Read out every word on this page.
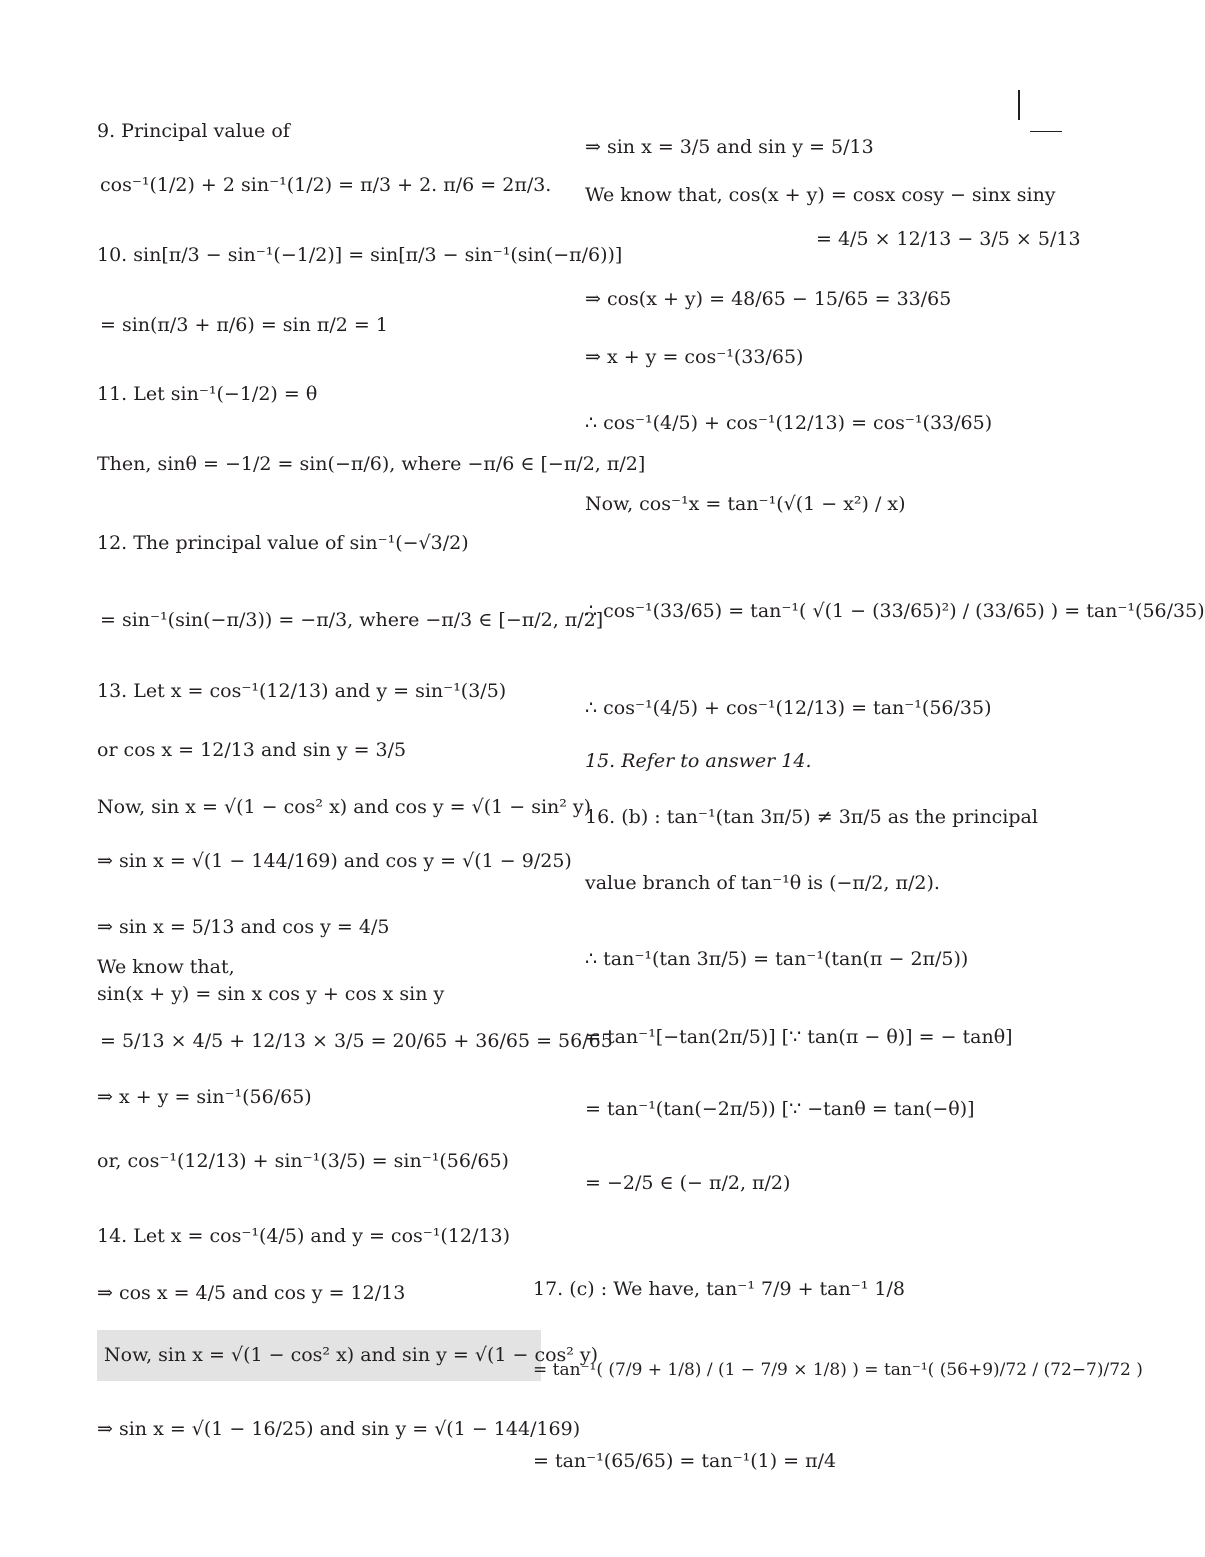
9. Principal value of
cos⁻¹(1/2) + 2 sin⁻¹(1/2) = π/3 + 2. π/6 = 2π/3.
10. sin[π/3 − sin⁻¹(−1/2)] = sin[π/3 − sin⁻¹(sin(−π/6))]
= sin(π/3 + π/6) = sin π/2 = 1
11. Let sin⁻¹(−1/2) = θ
Then, sinθ = −1/2 = sin(−π/6), where −π/6 ∈ [−π/2, π/2]
12. The principal value of sin⁻¹(−√3/2)
= sin⁻¹(sin(−π/3)) = −π/3, where −π/3 ∈ [−π/2, π/2]
13. Let x = cos⁻¹(12/13) and y = sin⁻¹(3/5)
or cos x = 12/13 and sin y = 3/5
Now, sin x = √(1 − cos² x) and cos y = √(1 − sin² y)
⇒ sin x = √(1 − 144/169) and cos y = √(1 − 9/25)
⇒ sin x = 5/13 and cos y = 4/5
We know that,
sin(x + y) = sin x cos y + cos x sin y
= 5/13 × 4/5 + 12/13 × 3/5 = 20/65 + 36/65 = 56/65
⇒ x + y = sin⁻¹(56/65)
or, cos⁻¹(12/13) + sin⁻¹(3/5) = sin⁻¹(56/65)
14. Let x = cos⁻¹(4/5) and y = cos⁻¹(12/13)
⇒ cos x = 4/5 and cos y = 12/13
Now, sin x = √(1 − cos² x) and sin y = √(1 − cos² y)
⇒ sin x = √(1 − 16/25) and sin y = √(1 − 144/169)
⇒ sin x = 3/5 and sin y = 5/13
We know that, cos(x + y) = cosx cosy − sinx siny
= 4/5 × 12/13 − 3/5 × 5/13
⇒ cos(x + y) = 48/65 − 15/65 = 33/65
⇒ x + y = cos⁻¹(33/65)
∴ cos⁻¹(4/5) + cos⁻¹(12/13) = cos⁻¹(33/65)
Now, cos⁻¹x = tan⁻¹(√(1 − x²) / x)
∴ cos⁻¹(33/65) = tan⁻¹( √(1 − (33/65)²) / (33/65) ) = tan⁻¹(56/35)
∴ cos⁻¹(4/5) + cos⁻¹(12/13) = tan⁻¹(56/35)
15. Refer to answer 14.
16. (b) : tan⁻¹(tan 3π/5) ≠ 3π/5 as the principal
value branch of tan⁻¹θ is (−π/2, π/2).
∴ tan⁻¹(tan 3π/5) = tan⁻¹(tan(π − 2π/5))
= tan⁻¹[−tan(2π/5)] [∵ tan(π − θ)] = − tanθ]
= tan⁻¹(tan(−2π/5)) [∵ −tanθ = tan(−θ)]
= −2/5 ∈ (− π/2, π/2)
17. (c) : We have, tan⁻¹ 7/9 + tan⁻¹ 1/8
= tan⁻¹( (7/9 + 1/8) / (1 − 7/9 × 1/8) ) = tan⁻¹( (56+9)/72 / (72−7)/72 )
= tan⁻¹(65/65) = tan⁻¹(1) = π/4
